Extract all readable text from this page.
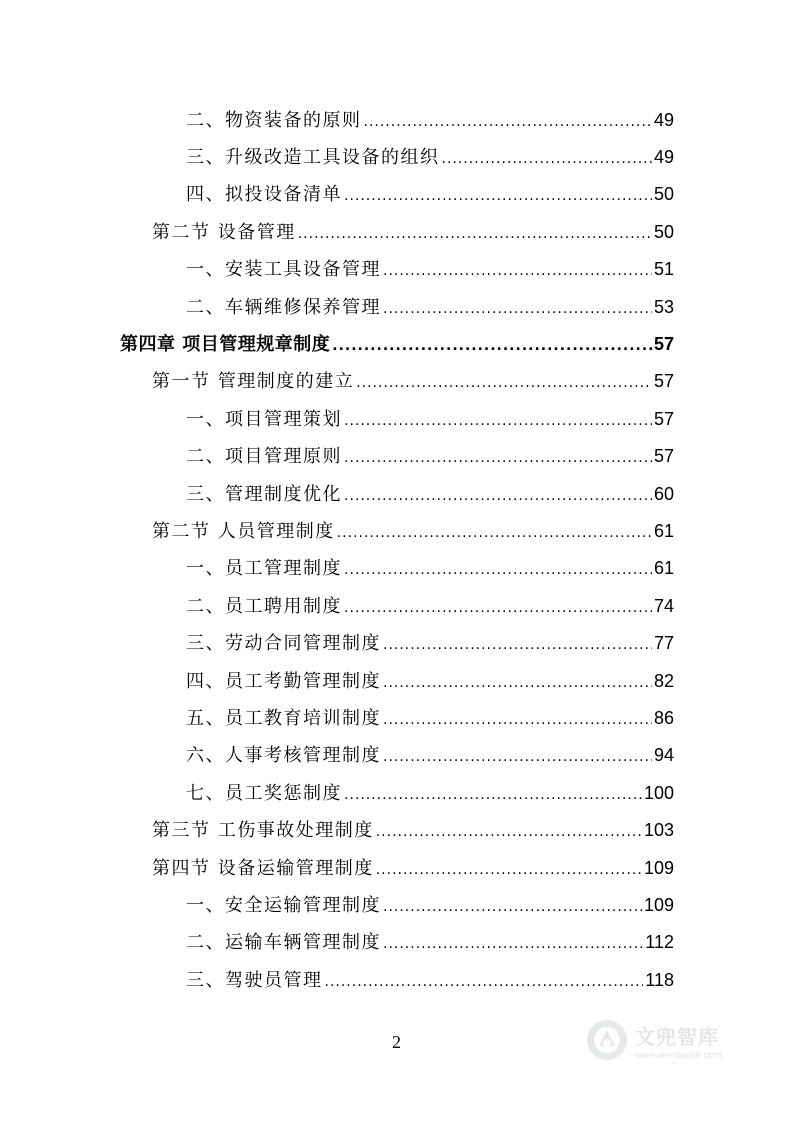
二、物资装备的原则 .....	49
三、升级改造工具设备的组织 .....	49
四、拟投设备清单 .....	50
第二节 设备管理 .....	50
一、安装工具设备管理 .....	51
二、车辆维修保养管理 .....	53
第四章 项目管理规章制度 .....	57
第一节 管理制度的建立 .....	57
一、项目管理策划 .....	57
二、项目管理原则 .....	57
三、管理制度优化 .....	60
第二节 人员管理制度 .....	61
一、员工管理制度 .....	61
二、员工聘用制度 .....	74
三、劳动合同管理制度 .....	77
四、员工考勤管理制度 .....	82
五、员工教育培训制度 .....	86
六、人事考核管理制度 .....	94
七、员工奖惩制度 .....	100
第三节 工伤事故处理制度 .....	103
第四节 设备运输管理制度 .....	109
一、安全运输管理制度 .....	109
二、运输车辆管理制度 .....	112
三、驾驶员管理 .....	118
2	文兜智库
www.wendoulib.com
